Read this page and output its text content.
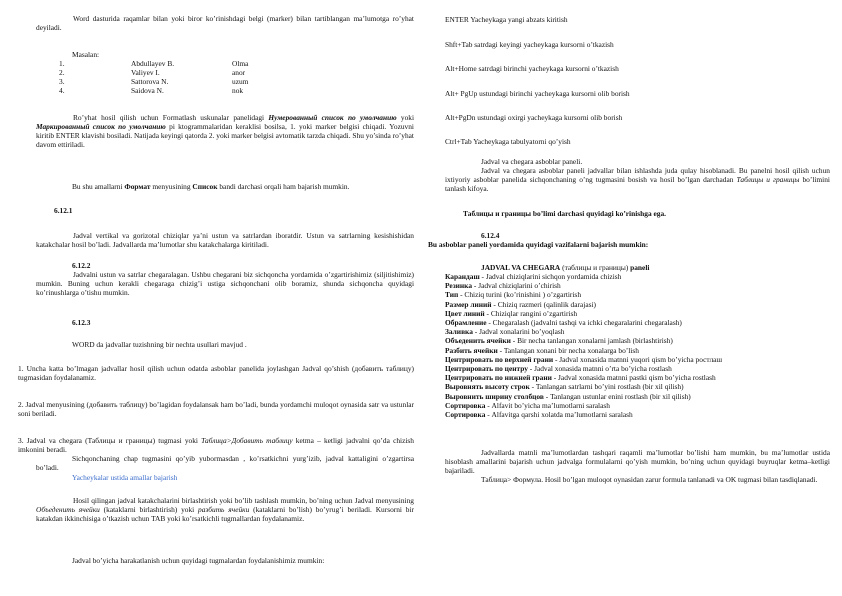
Word dasturida raqamlar bilan yoki biror ko’rinishdagi belgi (marker) bilan tartiblangan ma’lumotga ro’yhat deyiladi.

Masalan:

1.	Abdullayev B.	Olma
2.	Valiyev I.	anor
3.	Sattorova N.	uzum
4.	Saidova N.	nok

Ro’yhat hosil qilish uchun Formatlash uskunalar panelidagi Нумерованный список по умолчанию yoki Маркированный список по умолчанию pi ktogrammalaridan keraklisi bosilsa, 1. yoki marker belgisi chiqadi. Yozuvni kiritib ENTER klavishi bosiladi. Natijada keyingi qatorda 2. yoki marker belgisi avtomatik tarzda chiqadi. Shu yo’sinda ro’yhat davom ettiriladi.

Bu shu amallarni Формат menyusining Список bandi darchasi orqali ham bajarish mumkin.

6.12.1

Jadval vertikal va gorizotal chiziqlar ya’ni ustun va satrlardan iboratdir. Ustun va satrlarning kesishishidan katakchalar hosil bo’ladi. Jadvallarda ma’lumotlar shu katakchalarga kiritiladi.

6.12.2

Jadvalni ustun va satrlar chegaralagan. Ushbu chegarani biz sichqoncha yordamida o’zgartirishimiz (siljitishimiz) mumkin. Buning uchun kerakli chegaraga chizig’i ustiga sichqonchani olib boramiz, shunda sichqoncha quyidagi ko’rinushlarga o’tishu mumkin.

6.12.3

WORD da jadvallar tuzishning bir nechta usullari mavjud .

1. Uncha katta bo’lmagan jadvallar hosil qilish uchun odatda asboblar panelida joylashgan Jadval qo’shish (добавить таблицу) tugmasidan foydalanamiz.

2. Jadval menyusining (добавить таблицу) bo’lagidan foydalansak ham bo’ladi, bunda yordamchi muloqot oynasida satr va ustunlar soni beriladi.

3. Jadval va chegara (Таблицы и границы) tugmasi yoki Таблица>Добавить таблицу ketma – ketligi jadvalni qo’da chizish imkonini beradi.

Sichqonchaning chap tugmasini qo’yib yubormasdan , ko’rsatkichni yurg’izib, jadval kattaligini o’zgartirsa bo’ladi.

Yacheykalar ustida amallar bajarish

Hosil qilingan jadval katakchalarini birlashtirish yoki bo’lib tashlash mumkin, bo’ning uchun Jadval menyusining Объеденить ячейки (kataklarni birlashtirish) yoki разбить ячейки (kataklarni bo’lish) bo’yrug’i beriladi. Kursorni bir katakdan ikkinchisiga o’tkazish uchun TAB yoki ko’rsatkichli tugmallardan foydalanamiz.

Jadval bo’yicha harakatlanish uchun quyidagi tugmalardan foydalanishimiz mumkin:

ENTER Yacheykaga yangi abzats kiritish

Shft+Tab satrdagi keyingi yacheykaga kursorni o’tkazish

Alt+Home satrdagi birinchi yacheykaga kursorni o’tkazish

Alt+ PgUp ustundagi birinchi yacheykaga kursorni olib borish

Alt+PgDn ustundagi oxirgi yacheykaga kursorni olib borish

Ctrl+Tab Yacheykaga tabulyatorni qo’yish

Jadval va chegara asboblar paneli.

Jadval va chegara asboblar paneli jadvallar bilan ishlashda juda qulay hisoblanadi. Bu panelni hosil qilish uchun ixtiyoriy asboblar panelida sichqonchaning o’ng tugmasini bosish va hosil bo’lgan darchadan Таблицы и границы bo’limini tanlash kifoya.

Таблицы и границы bo’limi darchasi quyidagi ko’rinishga ega.

6.12.4

Bu asboblar paneli yordamida quyidagi vazifalarni bajarish mumkin:

JADVAL VA CHEGARA (таблицы и границы) paneli

Карандаш - Jadval chiziqlarini sichqon yordamida chizish

Резинка - Jadval chiziqlarini o’chirish

Тип - Chiziq turini (ko’rinishini ) o’zgartirish

Размер линий - Chiziq razmeri (qalinlik darajasi)

Цвет линий - Chiziqlar rangini o’zgartirish

Обрамление - Chegaralash (jadvalni tashqi va ichki chegaralarini chegaralash)

Заливка - Jadval xonalarini bo’yoqlash

Объеденить ячейки - Bir necha tanlangan xonalarni jamlash (birlashtirish)

Разбить ячейки - Tanlangan xonani bir necha xonalarga bo’lish

Центрировать по верхней грани - Jadval xonasida matnni yuqori qism bo’yicha ростлаш

Центрировать по центру - Jadval xonasida matnni o’rta bo’yicha rostlash

Центрировать по нижней грани - Jadval xonasida matnni pastki qism bo’yicha rostlash

Выровнять высоту строк - Tanlangan satrlarni bo’yini rostlash (bir xil qilish)

Выровнить ширину столбцов - Tanlangan ustunlar enini rostlash (bir xil qilish)

Сортировка - Alfavit bo’yicha ma’lumotlarni saralash

Сортировка - Alfavitga qarshi xolatda ma’lumotlarni saralash

Jadvallarda matnli ma’lumotlardan tashqari raqamli ma’lumotlar bo’lishi ham mumkin, bu ma’lumotlar ustida hisoblash amallarini bajarish uchun jadvalga formulalarni qo’yish mumkin, bo’ning uchun quyidagi buyruqlar ketma–ketligi bajariladi.

Таблица> Формула. Hosil bo’lgan muloqot oynasidan zarur formula tanlanadi va OK tugmasi bilan tasdiqlanadi.
